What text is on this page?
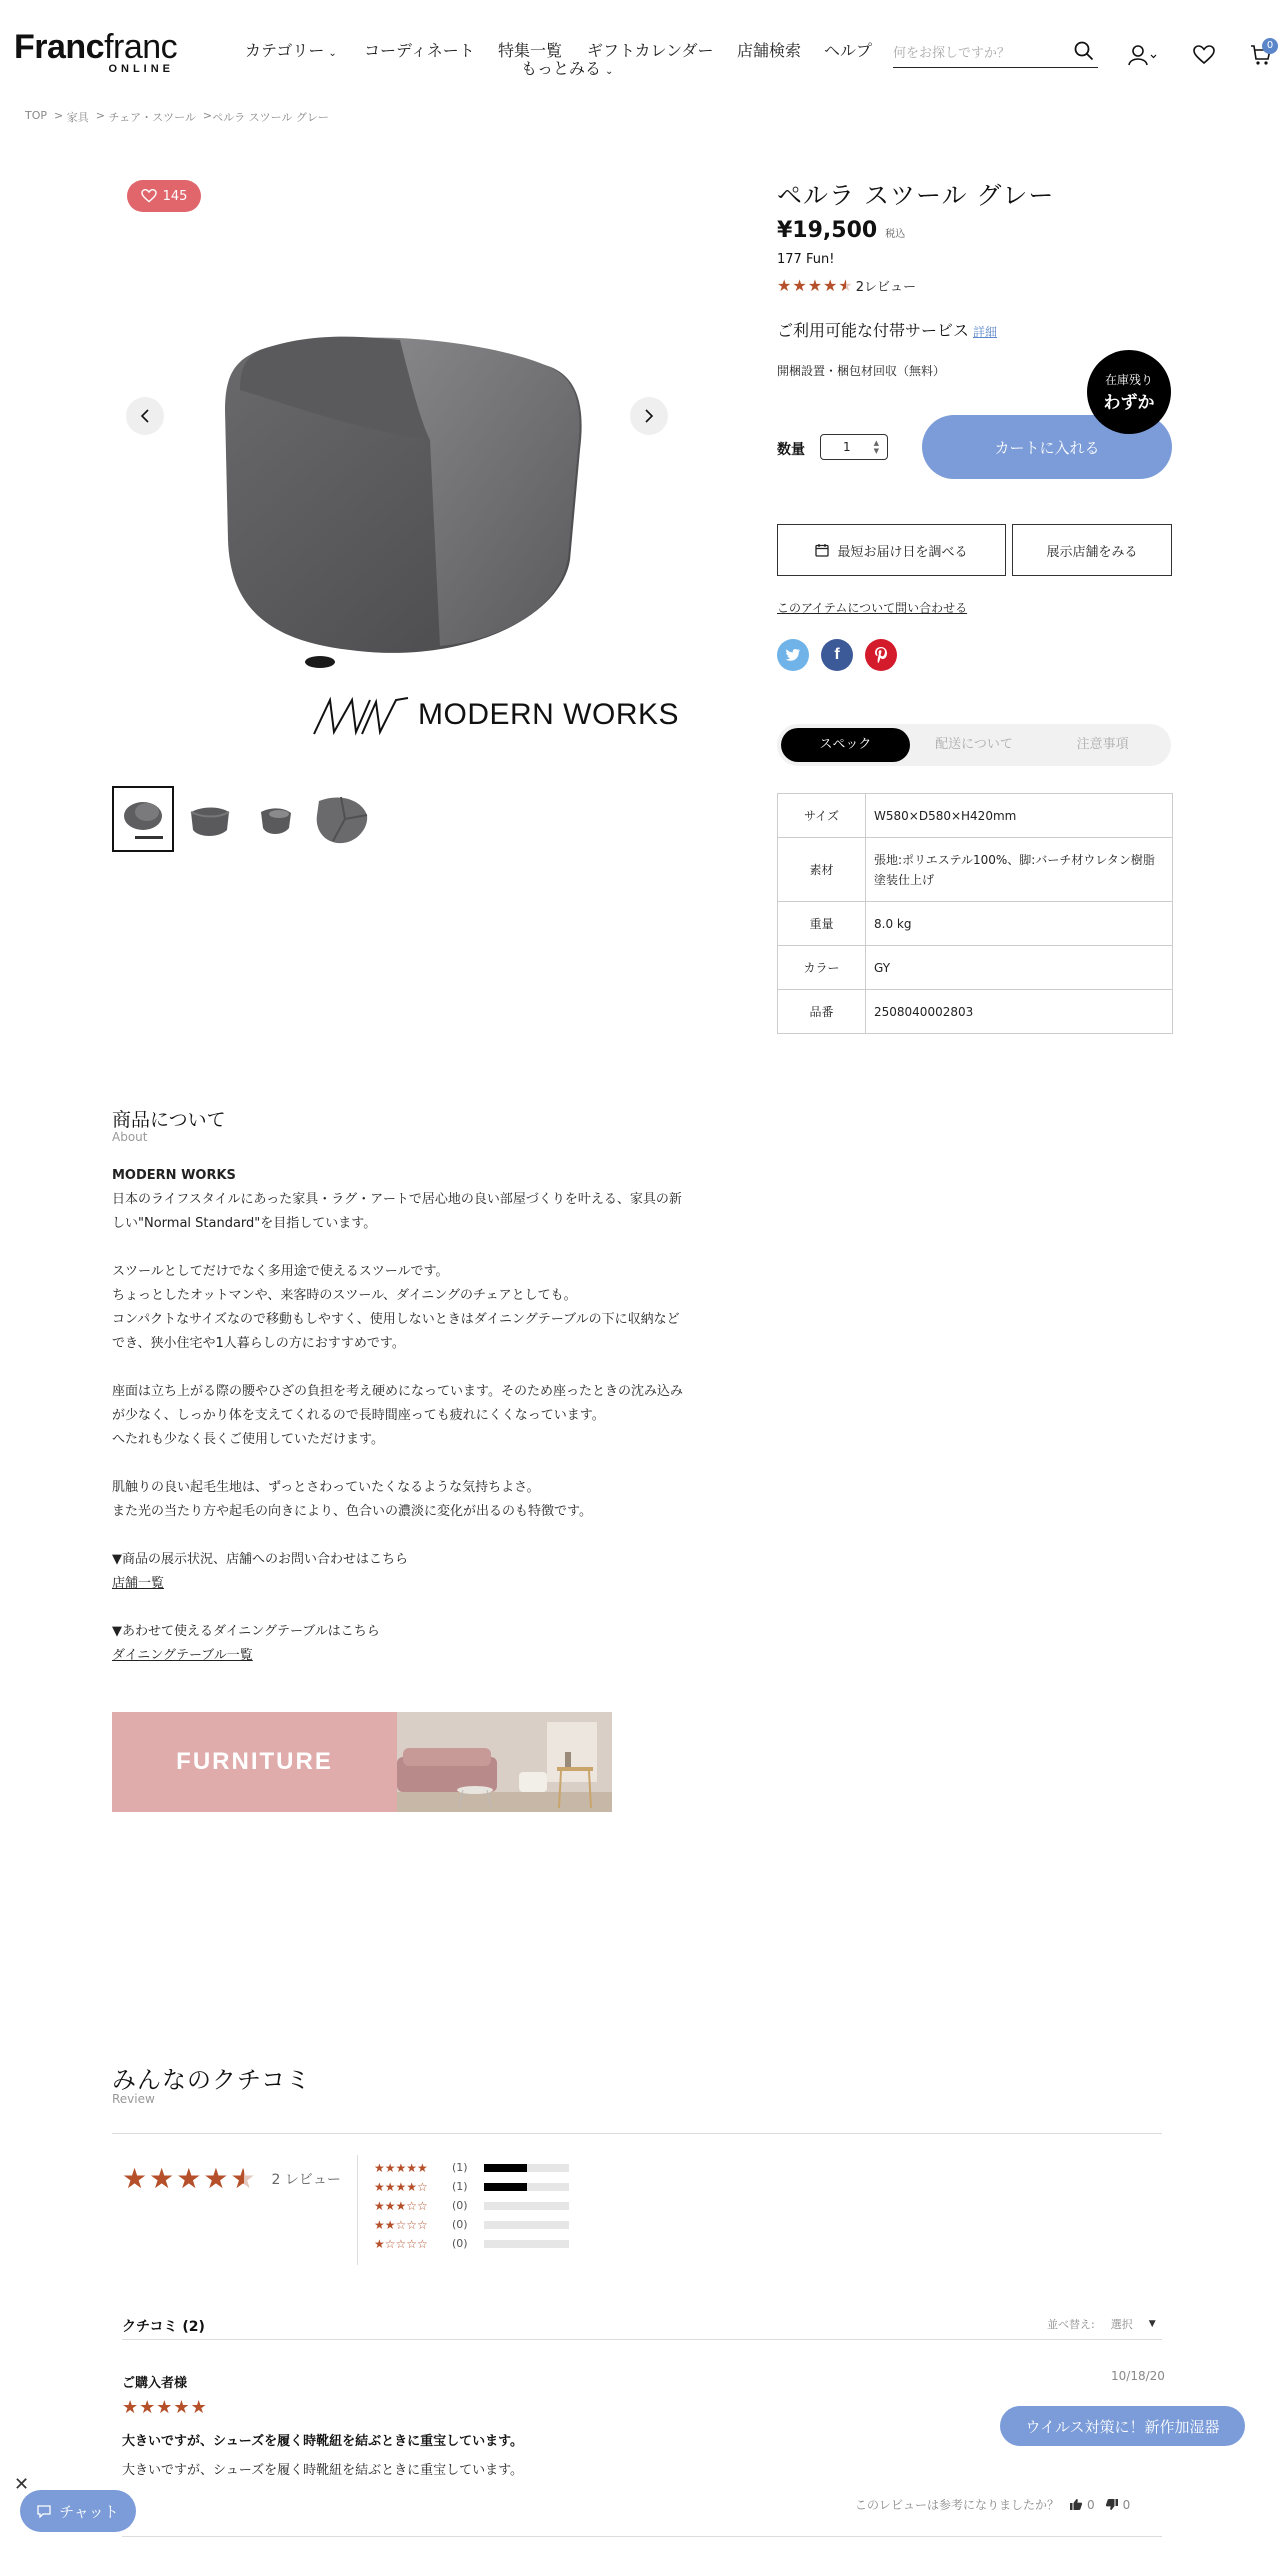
Francfranc
ONLINE
カテゴリー ⌄ コーディネート 特集一覧 ギフトカレンダー 店舗検索 ヘルプ
もっとみる ⌄
何をお探しですか？
0
TOP > 家具 > チェア・スツール > ペルラ スツール グレー
145
MODERN WORKS
ペルラ スツール グレー
¥19,500 税込
177 Fun!
★★★★★ 2レビュー
ご利用可能な付帯サービス 詳細
開梱設置・梱包材回収（無料）
数量	1	▲
▼	カートに入れる
在庫残り
わずか
最短お届け日を調べる	展示店舗をみる
このアイテムについて問い合わせる
f
スペック	配送について	注意事項
サイズ	W580×D580×H420mm
素材	張地:ポリエステル100%、脚:バーチ材ウレタン樹脂塗装仕上げ
重量	8.0 kg
カラー	GY
品番	2508040002803
商品について
About
MODERN WORKS

日本のライフスタイルにあった家具・ラグ・アートで居心地の良い部屋づくりを叶える、家具の新しい"Normal Standard"を目指しています。

スツールとしてだけでなく多用途で使えるスツールです。
ちょっとしたオットマンや、来客時のスツール、ダイニングのチェアとしても。
コンパクトなサイズなので移動もしやすく、使用しないときはダイニングテーブルの下に収納などでき、狭小住宅や1人暮らしの方におすすめです。

座面は立ち上がる際の腰やひざの負担を考え硬めになっています。そのため座ったときの沈み込みが少なく、しっかり体を支えてくれるので長時間座っても疲れにくくなっています。
へたれも少なく長くご使用していただけます。

肌触りの良い起毛生地は、ずっとさわっていたくなるような気持ちよさ。
また光の当たり方や起毛の向きにより、色合いの濃淡に変化が出るのも特徴です。

▼商品の展示状況、店舗へのお問い合わせはこちら

店舗一覧

▼あわせて使えるダイニングテーブルはこちら
ダイニングテーブル一覧
FURNITURE
みんなのクチコミ
Review
★★★★★ 2 レビュー
★★★★★	(1)
★★★★☆	(1)
★★★☆☆	(0)
★★☆☆☆	(0)
★☆☆☆☆	(0)
クチコミ (2)	並べ替え: 選択 ▼
ご購入者様	10/18/20
★★★★★
大きいですが、シューズを履く時靴紐を結ぶときに重宝しています。
大きいですが、シューズを履く時靴紐を結ぶときに重宝しています。
このレビューは参考になりましたか？ 0 0
ウイルス対策に！新作加湿器
✕
チャット
